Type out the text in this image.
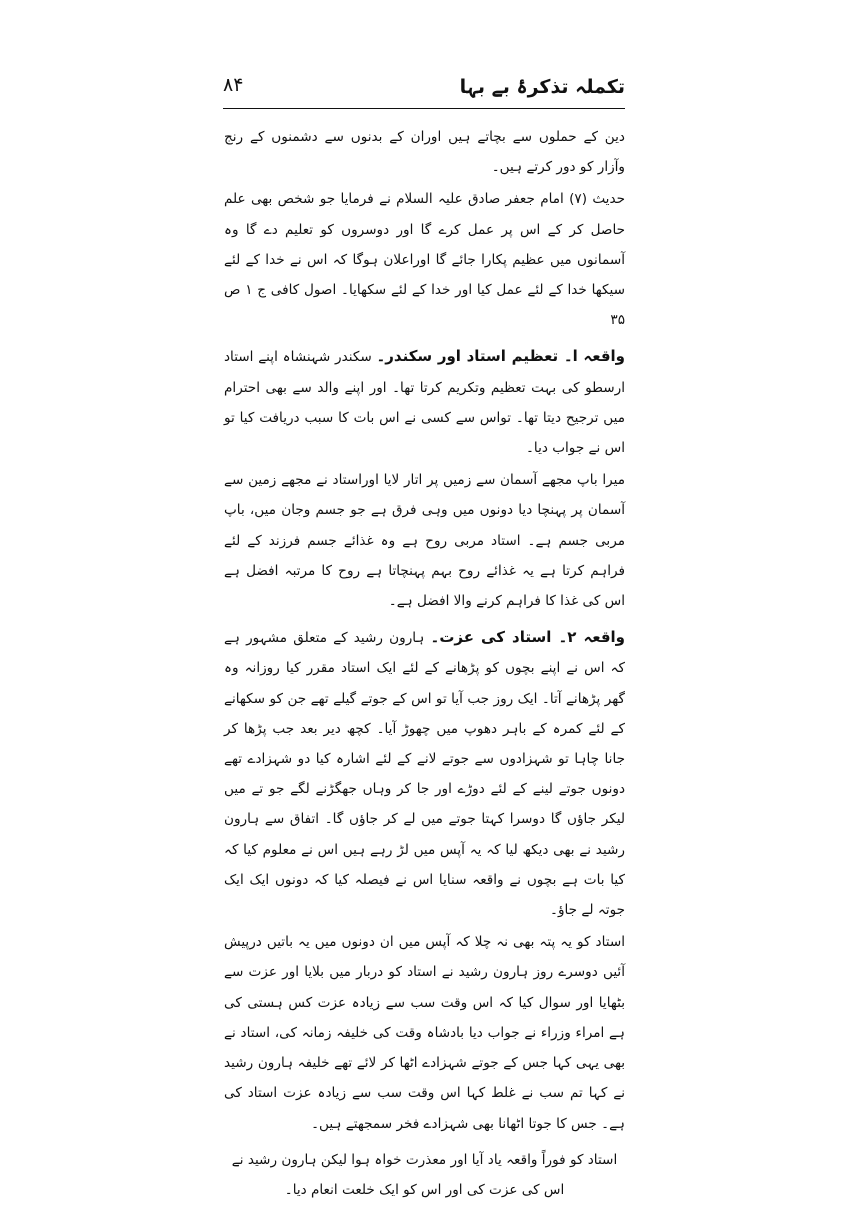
تکملہ تذکرۂ بے بہا
۸۴

دین کے حملوں سے بچاتے ہیں اوران کے بدنوں سے دشمنوں کے رنج وآزار کو دور کرتے ہیں۔

حدیث (۷) امام جعفر صادق علیہ السلام نے فرمایا جو شخص بھی علم حاصل کر کے اس پر عمل کرے گا اور دوسروں کو تعلیم دے گا وہ آسمانوں میں عظیم پکارا جائے گا اوراعلان ہوگا کہ اس نے خدا کے لئے سیکھا خدا کے لئے عمل کیا اور خدا کے لئے سکھایا۔ اصول کافی ج ۱ ص ۳۵

واقعہ ا۔ تعظیم استاد اور سکندر۔ سکندر شہنشاہ اپنے استاد ارسطو کی بہت تعظیم وتکریم کرتا تھا۔ اور اپنے والد سے بھی احترام میں ترجیح دیتا تھا۔ تواس سے کسی نے اس بات کا سبب دریافت کیا تو اس نے جواب دیا۔

میرا باپ مجھے آسمان سے زمیں پر اتار لایا اوراستاد نے مجھے زمین سے آسمان پر پہنچا دیا دونوں میں وہی فرق ہے جو جسم وجان میں، باپ مربی جسم ہے۔ استاد مربی روح ہے وہ غذائے جسم فرزند کے لئے فراہم کرتا ہے یہ غذائے روح بہم پہنچاتا ہے روح کا مرتبہ افضل ہے اس کی غذا کا فراہم کرنے والا افضل ہے۔

واقعہ ۲۔ استاد کی عزت۔ ہارون رشید کے متعلق مشہور ہے کہ اس نے اپنے بچوں کو پڑھانے کے لئے ایک استاد مقرر کیا روزانہ وہ گھر پڑھانے آتا۔ ایک روز جب آیا تو اس کے جوتے گیلے تھے جن کو سکھانے کے لئے کمرہ کے باہر دھوپ میں چھوڑ آیا۔ کچھ دیر بعد جب پڑھا کر جانا چاہا تو شہزادوں سے جوتے لانے کے لئے اشارہ کیا دو شہزادے تھے دونوں جوتے لینے کے لئے دوڑے اور جا کر وہاں جھگڑنے لگے جو تے میں لیکر جاؤں گا دوسرا کہتا جوتے میں لے کر جاؤں گا۔ اتفاق سے ہارون رشید نے بھی دیکھ لیا کہ یہ آپس میں لڑ رہے ہیں اس نے معلوم کیا کہ کیا بات ہے بچوں نے واقعہ سنایا اس نے فیصلہ کیا کہ دونوں ایک ایک جوتہ لے جاؤ۔

استاد کو یہ پتہ بھی نہ چلا کہ آپس میں ان دونوں میں یہ باتیں درپیش آئیں دوسرے روز ہارون رشید نے استاد کو دربار میں بلایا اور عزت سے بٹھایا اور سوال کیا کہ اس وقت سب سے زیادہ عزت کس ہستی کی ہے امراء وزراء نے جواب دیا بادشاہ وقت کی خلیفہ زمانہ کی، استاد نے بھی یہی کہا جس کے جوتے شہزادے اٹھا کر لائے تھے خلیفہ ہارون رشید نے کہا تم سب نے غلط کہا اس وقت سب سے زیادہ عزت استاد کی ہے۔ جس کا جوتا اٹھانا بھی شہزادے فخر سمجھتے ہیں۔

استاد کو فوراً واقعہ یاد آیا اور معذرت خواہ ہوا لیکن ہارون رشید نے اس کی عزت کی اور اس کو ایک خلعت انعام دیا۔
